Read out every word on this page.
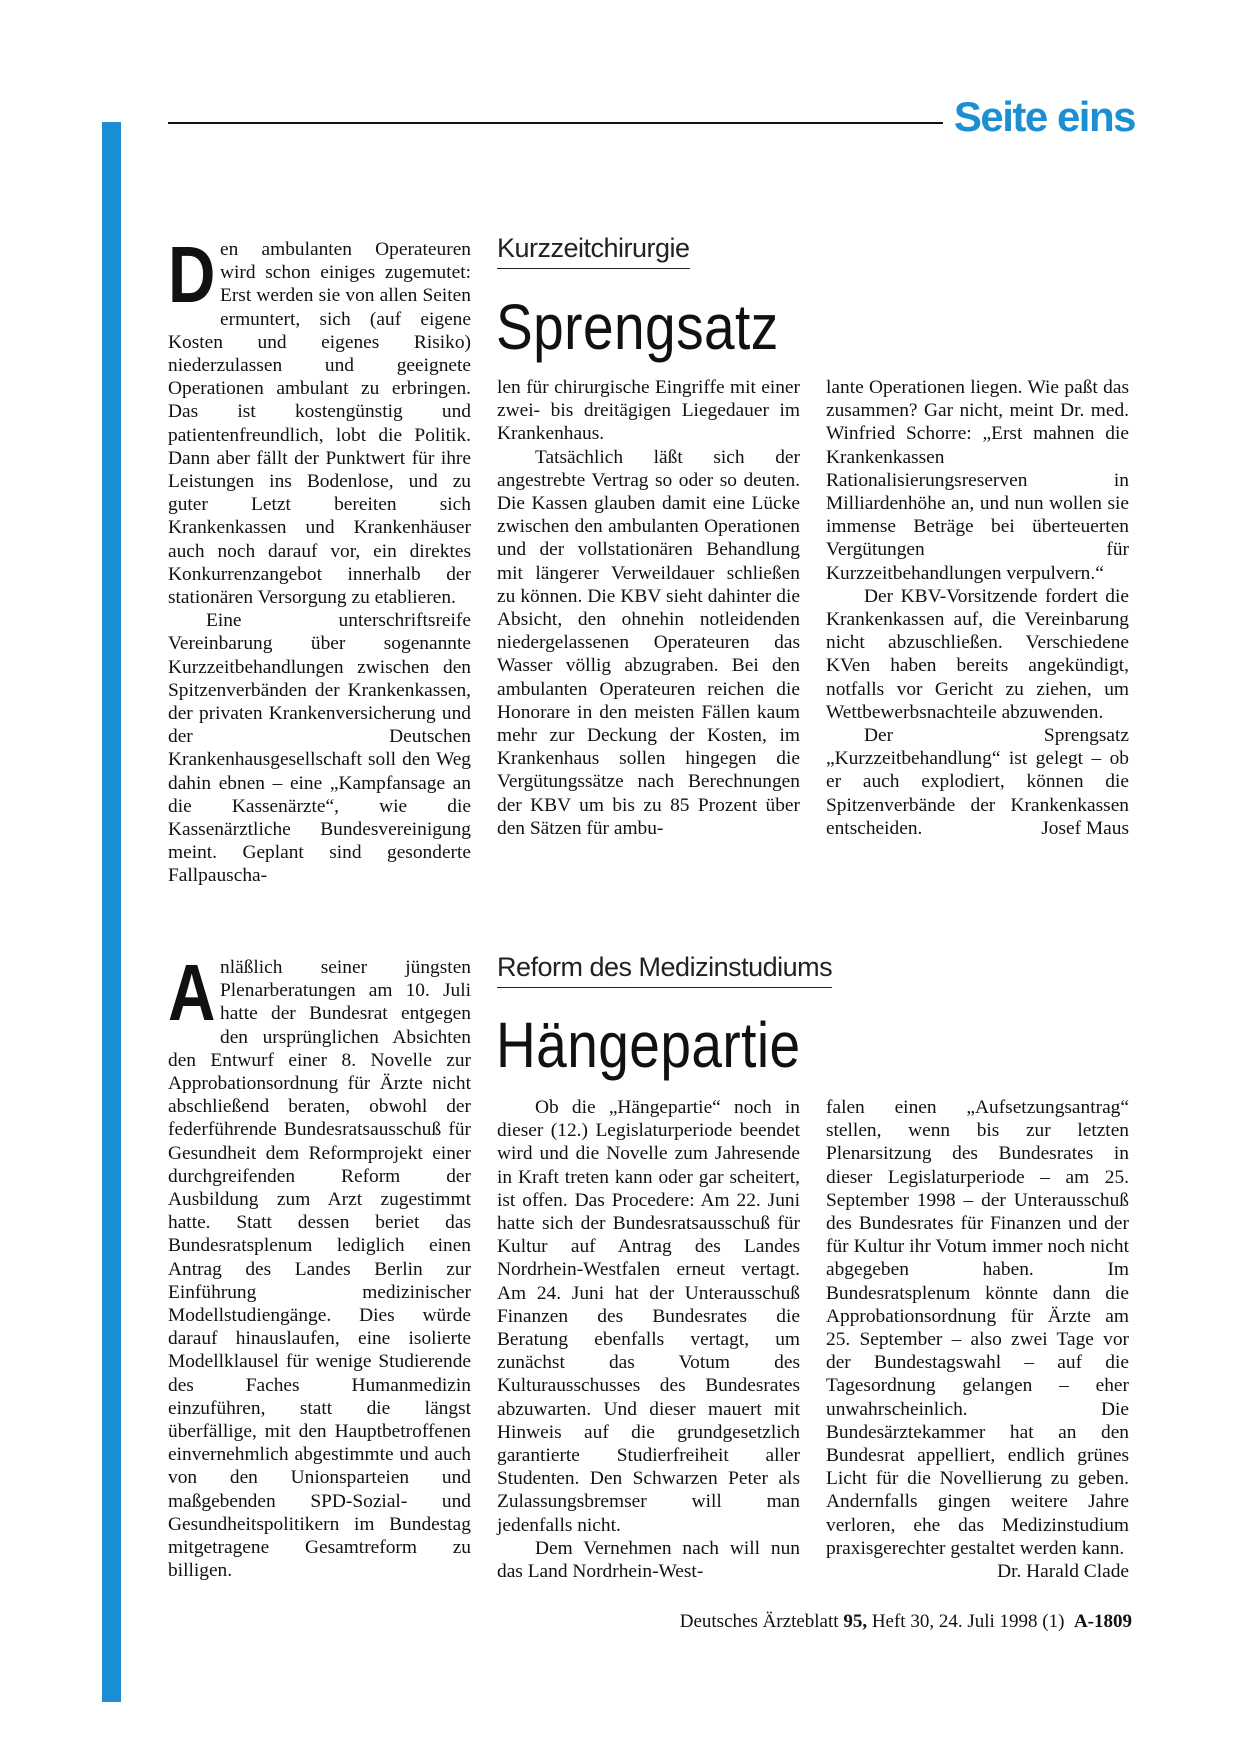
Seite eins
Kurzzeitchirurgie
Sprengsatz
D en ambulanten Operateuren wird schon einiges zugemutet: Erst werden sie von allen Seiten ermuntert, sich (auf eigene Kosten und eigenes Risiko) niederzulassen und geeignete Operationen ambulant zu erbringen. Das ist kostengünstig und patientenfreundlich, lobt die Politik. Dann aber fällt der Punktwert für ihre Leistungen ins Bodenlose, und zu guter Letzt bereiten sich Krankenkassen und Krankenhäuser auch noch darauf vor, ein direktes Konkurrenzangebot innerhalb der stationären Versorgung zu etablieren.

Eine unterschriftsreife Vereinbarung über sogenannte Kurzzeitbehandlungen zwischen den Spitzenverbänden der Krankenkassen, der privaten Krankenversicherung und der Deutschen Krankenhausgesellschaft soll den Weg dahin ebnen – eine „Kampfansage an die Kassenärzte“, wie die Kassenärztliche Bundesvereinigung meint. Geplant sind gesonderte Fallpauscha-

len für chirurgische Eingriffe mit einer zwei- bis dreitägigen Liegedauer im Krankenhaus.

Tatsächlich läßt sich der angestrebte Vertrag so oder so deuten. Die Kassen glauben damit eine Lücke zwischen den ambulanten Operationen und der vollstationären Behandlung mit längerer Verweildauer schließen zu können. Die KBV sieht dahinter die Absicht, den ohnehin notleidenden niedergelassenen Operateuren das Wasser völlig abzugraben. Bei den ambulanten Operateuren reichen die Honorare in den meisten Fällen kaum mehr zur Deckung der Kosten, im Krankenhaus sollen hingegen die Vergütungssätze nach Berechnungen der KBV um bis zu 85 Prozent über den Sätzen für ambu-

lante Operationen liegen. Wie paßt das zusammen? Gar nicht, meint Dr. med. Winfried Schorre: „Erst mahnen die Krankenkassen Rationalisierungsreserven in Milliardenhöhe an, und nun wollen sie immense Beträge bei überteuerten Vergütungen für Kurzzeitbehandlungen verpulvern.“

Der KBV-Vorsitzende fordert die Krankenkassen auf, die Vereinbarung nicht abzuschließen. Verschiedene KVen haben bereits angekündigt, notfalls vor Gericht zu ziehen, um Wettbewerbsnachteile abzuwenden.

Der Sprengsatz „Kurzzeitbehandlung“ ist gelegt – ob er auch explodiert, können die Spitzenverbände der Krankenkassen entscheiden.	Josef Maus

Reform des Medizinstudiums
Hängepartie
A nläßlich seiner jüngsten Plenarberatungen am 10. Juli hatte der Bundesrat entgegen den ursprünglichen Absichten den Entwurf einer 8. Novelle zur Approbationsordnung für Ärzte nicht abschließend beraten, obwohl der federführende Bundesratsausschuß für Gesundheit dem Reformprojekt einer durchgreifenden Reform der Ausbildung zum Arzt zugestimmt hatte. Statt dessen beriet das Bundesratsplenum lediglich einen Antrag des Landes Berlin zur Einführung medizinischer Modellstudiengänge. Dies würde darauf hinauslaufen, eine isolierte Modellklausel für wenige Studierende des Faches Humanmedizin einzuführen, statt die längst überfällige, mit den Hauptbetroffenen einvernehmlich abgestimmte und auch von den Unionsparteien und maßgebenden SPD-Sozial- und Gesundheitspolitikern im Bundestag mitgetragene Gesamtreform zu billigen.

Ob die „Hängepartie“ noch in dieser (12.) Legislaturperiode beendet wird und die Novelle zum Jahresende in Kraft treten kann oder gar scheitert, ist offen. Das Procedere: Am 22. Juni hatte sich der Bundesratsausschuß für Kultur auf Antrag des Landes Nordrhein-Westfalen erneut vertagt. Am 24. Juni hat der Unterausschuß Finanzen des Bundesrates die Beratung ebenfalls vertagt, um zunächst das Votum des Kulturausschusses des Bundesrates abzuwarten. Und dieser mauert mit Hinweis auf die grundgesetzlich garantierte Studierfreiheit aller Studenten. Den Schwarzen Peter als Zulassungsbremser will man jedenfalls nicht.

Dem Vernehmen nach will nun das Land Nordrhein-West-

falen einen „Aufsetzungsantrag“ stellen, wenn bis zur letzten Plenarsitzung des Bundesrates in dieser Legislaturperiode – am 25. September 1998 – der Unterausschuß des Bundesrates für Finanzen und der für Kultur ihr Votum immer noch nicht abgegeben haben. Im Bundesratsplenum könnte dann die Approbationsordnung für Ärzte am 25. September – also zwei Tage vor der Bundestagswahl – auf die Tagesordnung gelangen – eher unwahrscheinlich. Die Bundesärztekammer hat an den Bundesrat appelliert, endlich grünes Licht für die Novellierung zu geben. Andernfalls gingen weitere Jahre verloren, ehe das Medizinstudium praxisgerechter gestaltet werden kann.
Dr. Harald Clade

Deutsches Ärzteblatt 95, Heft 30, 24. Juli 1998 (1) A-1809
